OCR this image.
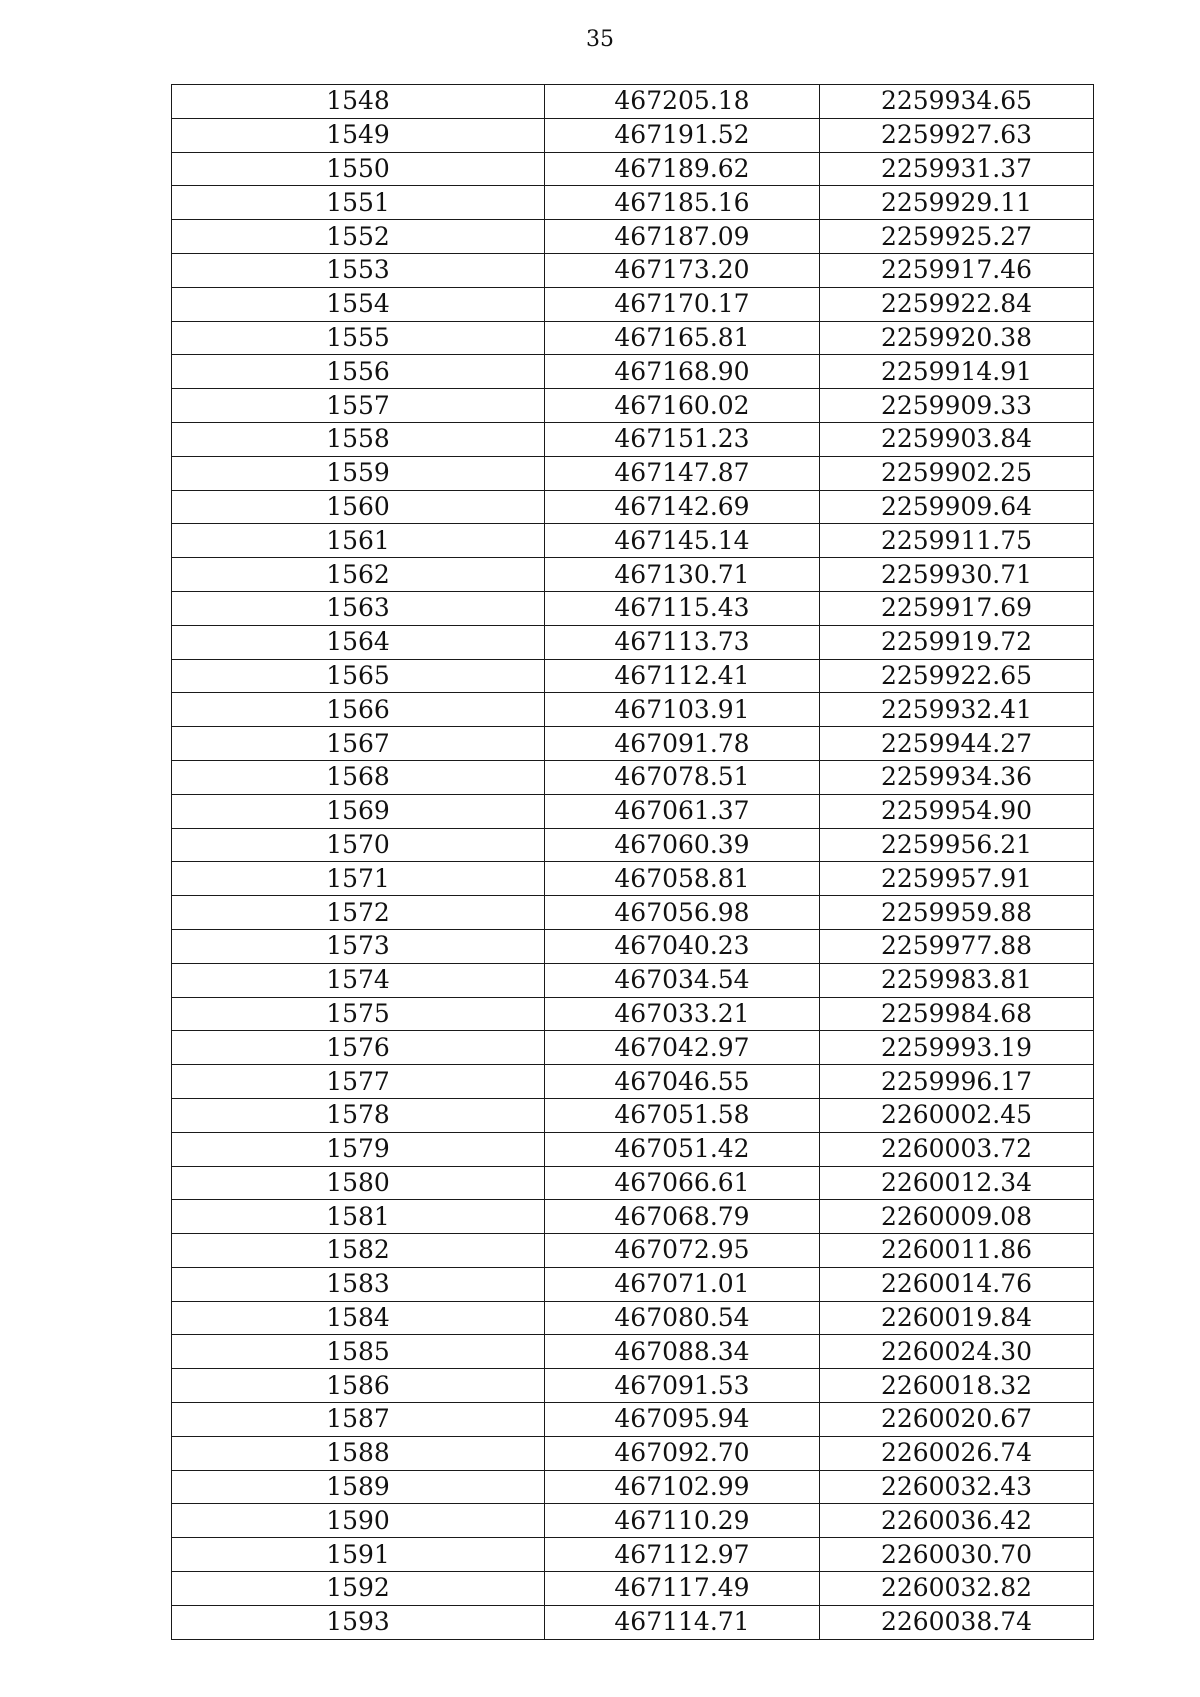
35
1548	467205.18	2259934.65
1549	467191.52	2259927.63
1550	467189.62	2259931.37
1551	467185.16	2259929.11
1552	467187.09	2259925.27
1553	467173.20	2259917.46
1554	467170.17	2259922.84
1555	467165.81	2259920.38
1556	467168.90	2259914.91
1557	467160.02	2259909.33
1558	467151.23	2259903.84
1559	467147.87	2259902.25
1560	467142.69	2259909.64
1561	467145.14	2259911.75
1562	467130.71	2259930.71
1563	467115.43	2259917.69
1564	467113.73	2259919.72
1565	467112.41	2259922.65
1566	467103.91	2259932.41
1567	467091.78	2259944.27
1568	467078.51	2259934.36
1569	467061.37	2259954.90
1570	467060.39	2259956.21
1571	467058.81	2259957.91
1572	467056.98	2259959.88
1573	467040.23	2259977.88
1574	467034.54	2259983.81
1575	467033.21	2259984.68
1576	467042.97	2259993.19
1577	467046.55	2259996.17
1578	467051.58	2260002.45
1579	467051.42	2260003.72
1580	467066.61	2260012.34
1581	467068.79	2260009.08
1582	467072.95	2260011.86
1583	467071.01	2260014.76
1584	467080.54	2260019.84
1585	467088.34	2260024.30
1586	467091.53	2260018.32
1587	467095.94	2260020.67
1588	467092.70	2260026.74
1589	467102.99	2260032.43
1590	467110.29	2260036.42
1591	467112.97	2260030.70
1592	467117.49	2260032.82
1593	467114.71	2260038.74
